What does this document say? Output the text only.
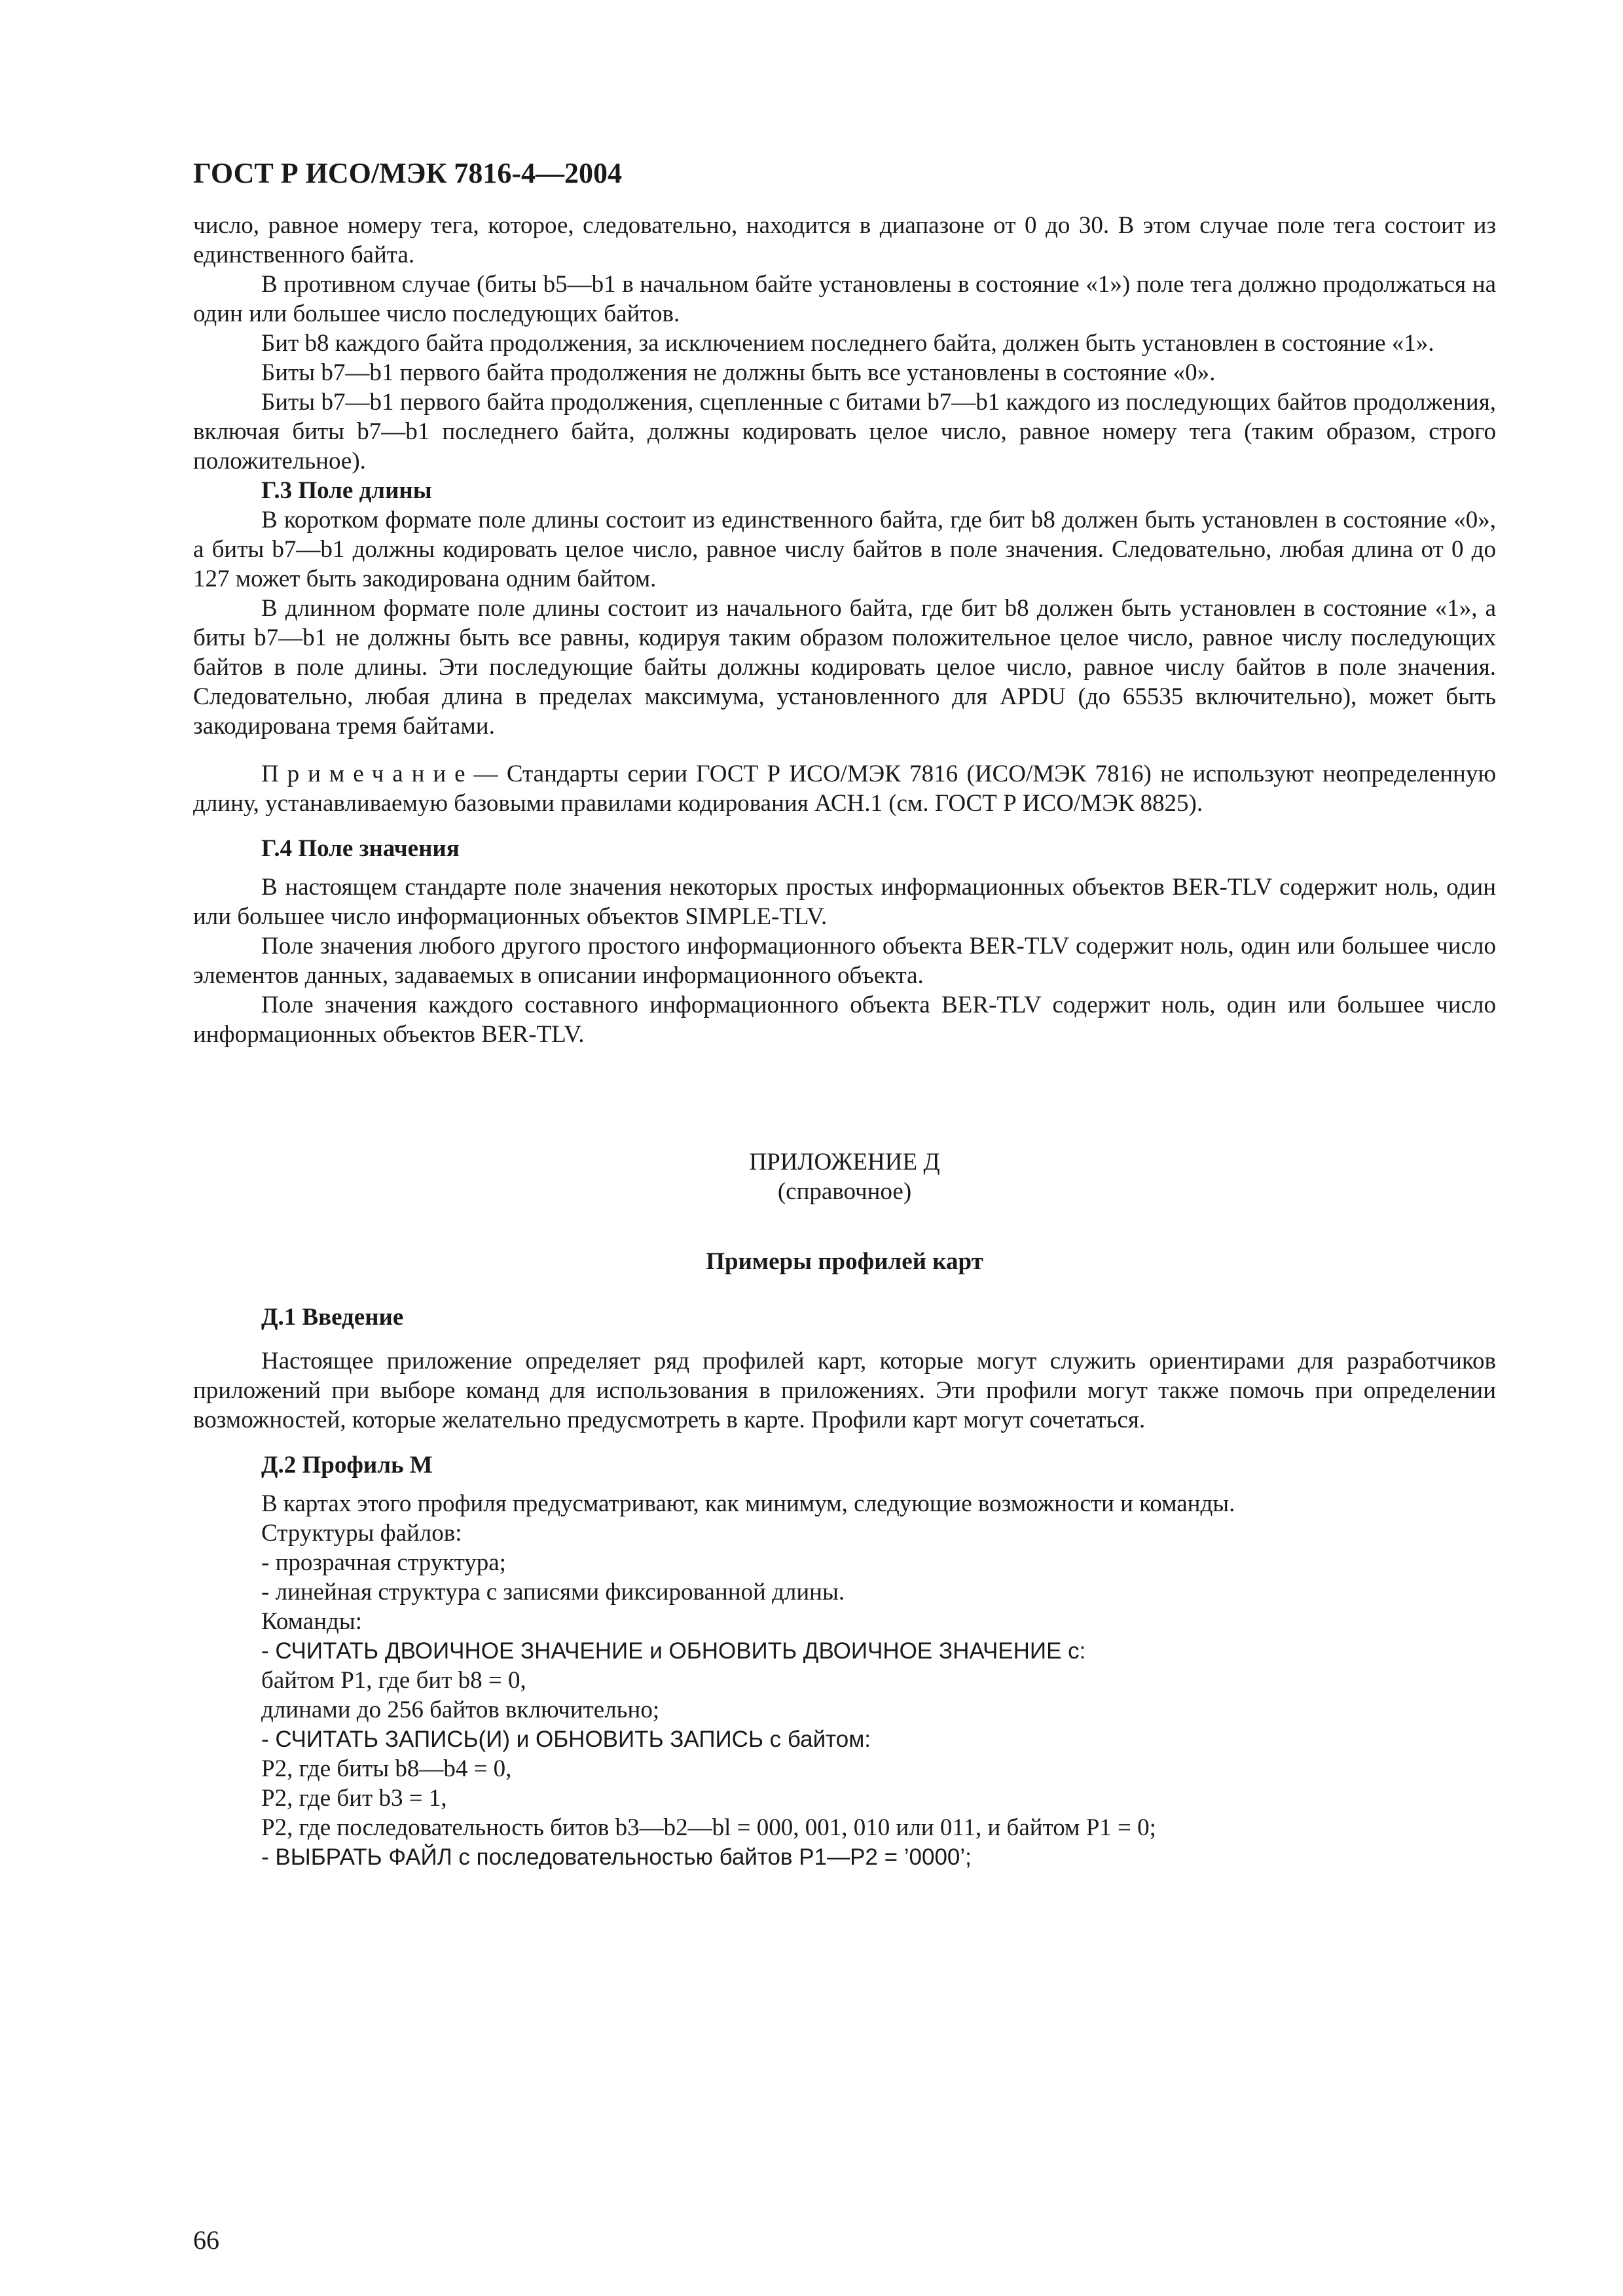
ГОСТ Р ИСО/МЭК 7816-4—2004

число, равное номеру тега, которое, следовательно, находится в диапазоне от 0 до 30. В этом случае поле тега состоит из единственного байта.

В противном случае (биты b5—b1 в начальном байте установлены в состояние «1») поле тега должно продолжаться на один или большее число последующих байтов.

Бит b8 каждого байта продолжения, за исключением последнего байта, должен быть установлен в состояние «1».

Биты b7—b1 первого байта продолжения не должны быть все установлены в состояние «0».

Биты b7—b1 первого байта продолжения, сцепленные с битами b7—b1 каждого из последующих байтов продолжения, включая биты b7—b1 последнего байта, должны кодировать целое число, равное номеру тега (таким образом, строго положительное).

Г.3 Поле длины

В коротком формате поле длины состоит из единственного байта, где бит b8 должен быть установлен в состояние «0», а биты b7—b1 должны кодировать целое число, равное числу байтов в поле значения. Следовательно, любая длина от 0 до 127 может быть закодирована одним байтом.

В длинном формате поле длины состоит из начального байта, где бит b8 должен быть установлен в состояние «1», а биты b7—b1 не должны быть все равны, кодируя таким образом положительное целое число, равное числу последующих байтов в поле длины. Эти последующие байты должны кодировать целое число, равное числу байтов в поле значения. Следовательно, любая длина в пределах максимума, установленного для APDU (до 65535 включительно), может быть закодирована тремя байтами.

Примечание— Стандарты серии ГОСТ Р ИСО/МЭК 7816 (ИСО/МЭК 7816) не используют неопределенную длину, устанавливаемую базовыми правилами кодирования АСН.1 (см. ГОСТ Р ИСО/МЭК 8825).

Г.4 Поле значения

В настоящем стандарте поле значения некоторых простых информационных объектов BER-TLV содержит ноль, один или большее число информационных объектов SIMPLE-TLV.

Поле значения любого другого простого информационного объекта BER-TLV содержит ноль, один или большее число элементов данных, задаваемых в описании информационного объекта.

Поле значения каждого составного информационного объекта BER-TLV содержит ноль, один или большее число информационных объектов BER-TLV.

ПРИЛОЖЕНИЕ Д
(справочное)

Примеры профилей карт

Д.1 Введение

Настоящее приложение определяет ряд профилей карт, которые могут служить ориентирами для разработчиков приложений при выборе команд для использования в приложениях. Эти профили могут также помочь при определении возможностей, которые желательно предусмотреть в карте. Профили карт могут сочетаться.

Д.2 Профиль М

В картах этого профиля предусматривают, как минимум, следующие возможности и команды.

Структуры файлов:

- прозрачная структура;

- линейная структура с записями фиксированной длины.

Команды:

- СЧИТАТЬ ДВОИЧНОЕ ЗНАЧЕНИЕ и ОБНОВИТЬ ДВОИЧНОЕ ЗНАЧЕНИЕ с:

байтом Р1, где бит b8 = 0,

длинами до 256 байтов включительно;

- СЧИТАТЬ ЗАПИСЬ(И) и ОБНОВИТЬ ЗАПИСЬ с байтом:

Р2, где биты b8—b4 = 0,

Р2, где бит b3 = 1,

Р2, где последовательность битов b3—b2—bl = 000, 001, 010 или 011, и байтом Р1 = 0;

- ВЫБРАТЬ ФАЙЛ с последовательностью байтов Р1—Р2 = ’0000’;

66
